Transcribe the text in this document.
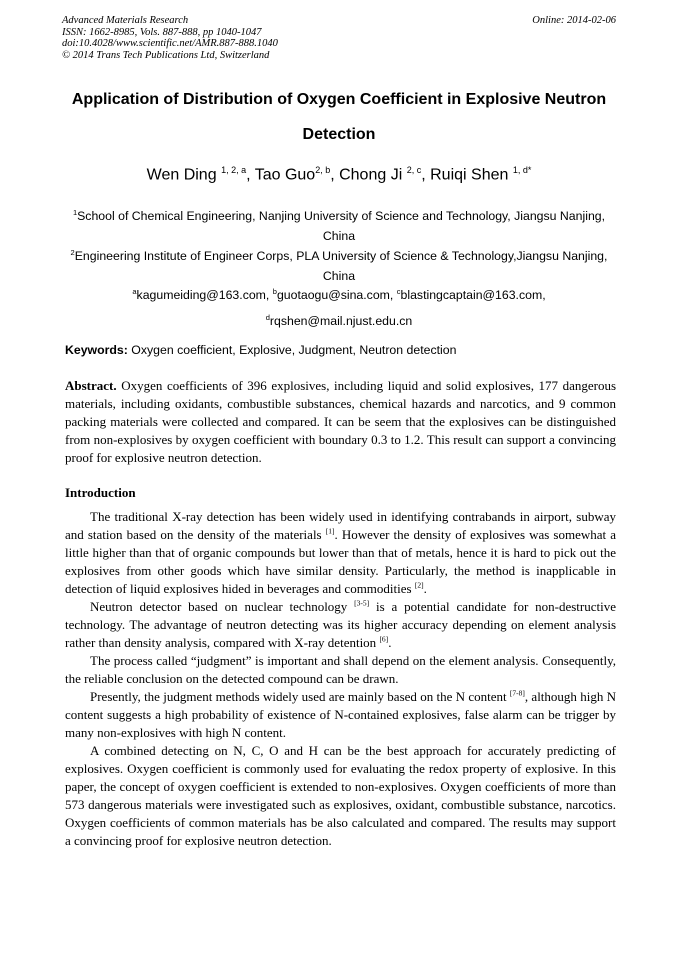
Advanced Materials Research
ISSN: 1662-8985, Vols. 887-888, pp 1040-1047
doi:10.4028/www.scientific.net/AMR.887-888.1040
© 2014 Trans Tech Publications Ltd, Switzerland
Online: 2014-02-06
Application of Distribution of Oxygen Coefficient in Explosive Neutron
Detection
Wen Ding $^{1, 2, a}$, Tao Guo$^{2, b}$, Chong Ji $^{2, c}$, Ruiqi Shen $^{1, d*}$
$^1$School of Chemical Engineering, Nanjing University of Science and Technology, Jiangsu Nanjing, China
$^2$Engineering Institute of Engineer Corps, PLA University of Science & Technology,Jiangsu Nanjing, China
$^a$kagumeiding@163.com, $^b$guotaogu@sina.com, $^c$blastingcaptain@163.com,
$^d$rqshen@mail.njust.edu.cn
Keywords: Oxygen coefficient, Explosive, Judgment, Neutron detection

Abstract. Oxygen coefficients of 396 explosives, including liquid and solid explosives, 177 dangerous materials, including oxidants, combustible substances, chemical hazards and narcotics, and 9 common packing materials were collected and compared. It can be seem that the explosives can be distinguished from non-explosives by oxygen coefficient with boundary 0.3 to 1.2. This result can support a convincing proof for explosive neutron detection.

Introduction

The traditional X-ray detection has been widely used in identifying contrabands in airport, subway and station based on the density of the materials [1]. However the density of explosives was somewhat a little higher than that of organic compounds but lower than that of metals, hence it is hard to pick out the explosives from other goods which have similar density. Particularly, the method is inapplicable in detection of liquid explosives hided in beverages and commodities [2].

Neutron detector based on nuclear technology [3-5] is a potential candidate for non-destructive technology. The advantage of neutron detecting was its higher accuracy depending on element analysis rather than density analysis, compared with X-ray detention [6].

The process called “judgment” is important and shall depend on the element analysis. Consequently, the reliable conclusion on the detected compound can be drawn.

Presently, the judgment methods widely used are mainly based on the N content [7-8], although high N content suggests a high probability of existence of N-contained explosives, false alarm can be trigger by many non-explosives with high N content.

A combined detecting on N, C, O and H can be the best approach for accurately predicting of explosives. Oxygen coefficient is commonly used for evaluating the redox property of explosive. In this paper, the concept of oxygen coefficient is extended to non-explosives. Oxygen coefficients of more than 573 dangerous materials were investigated such as explosives, oxidant, combustible substance, narcotics. Oxygen coefficients of common materials has be also calculated and compared. The results may support a convincing proof for explosive neutron detection.
